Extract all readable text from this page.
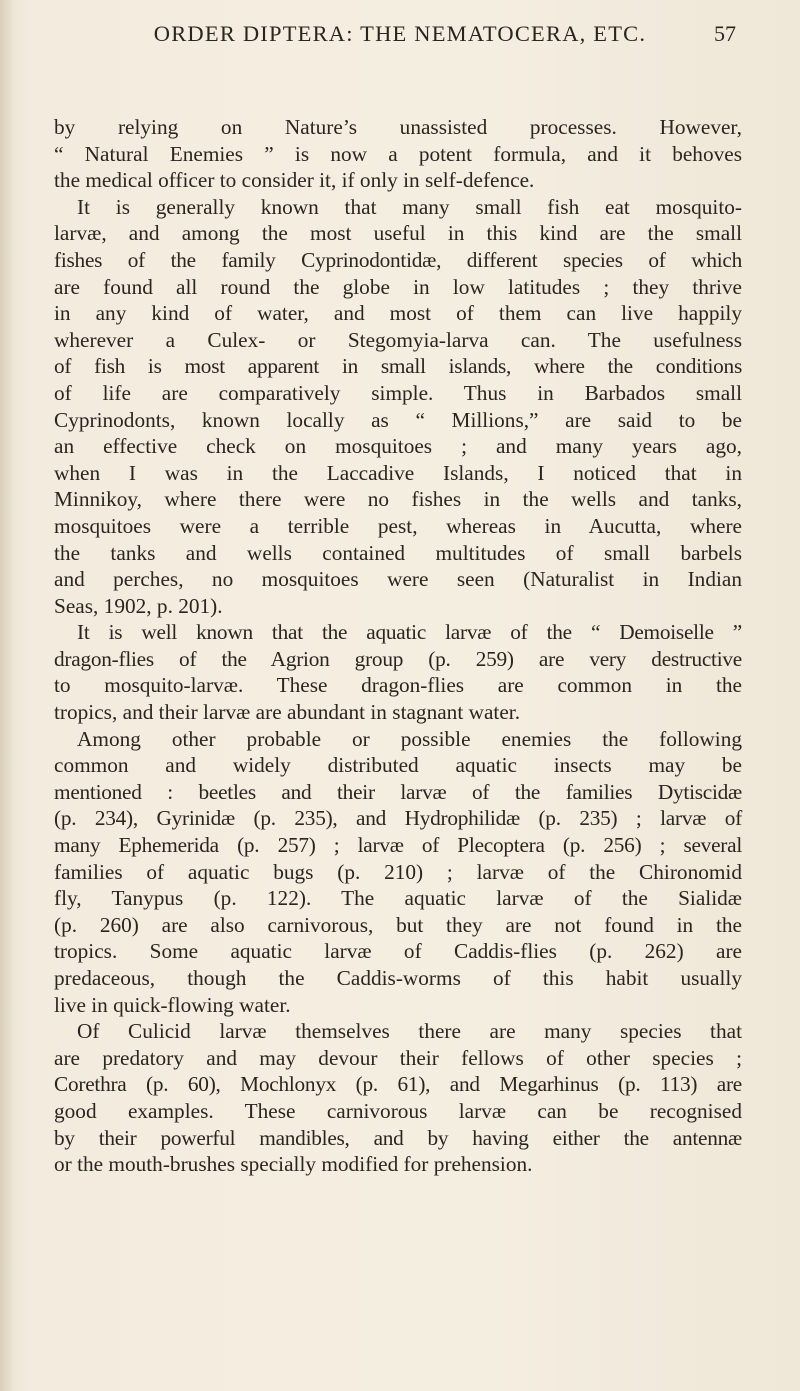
ORDER DIPTERA: THE NEMATOCERA, ETC.	57
by relying on Nature’s unassisted processes. However,
“ Natural Enemies ” is now a potent formula, and it behoves
the medical officer to consider it, if only in self-defence.
It is generally known that many small fish eat mosquito-
larvæ, and among the most useful in this kind are the small
fishes of the family Cyprinodontidæ, different species of which
are found all round the globe in low latitudes ; they thrive
in any kind of water, and most of them can live happily
wherever a Culex- or Stegomyia-larva can. The usefulness
of fish is most apparent in small islands, where the conditions
of life are comparatively simple. Thus in Barbados small
Cyprinodonts, known locally as “ Millions,” are said to be
an effective check on mosquitoes ; and many years ago,
when I was in the Laccadive Islands, I noticed that in
Minnikoy, where there were no fishes in the wells and tanks,
mosquitoes were a terrible pest, whereas in Aucutta, where
the tanks and wells contained multitudes of small barbels
and perches, no mosquitoes were seen (Naturalist in Indian
Seas, 1902, p. 201).
It is well known that the aquatic larvæ of the “ Demoiselle ”
dragon-flies of the Agrion group (p. 259) are very destructive
to mosquito-larvæ. These dragon-flies are common in the
tropics, and their larvæ are abundant in stagnant water.
Among other probable or possible enemies the following
common and widely distributed aquatic insects may be
mentioned : beetles and their larvæ of the families Dytiscidæ
(p. 234), Gyrinidæ (p. 235), and Hydrophilidæ (p. 235) ; larvæ of
many Ephemerida (p. 257) ; larvæ of Plecoptera (p. 256) ; several
families of aquatic bugs (p. 210) ; larvæ of the Chironomid
fly, Tanypus (p. 122). The aquatic larvæ of the Sialidæ
(p. 260) are also carnivorous, but they are not found in the
tropics. Some aquatic larvæ of Caddis-flies (p. 262) are
predaceous, though the Caddis-worms of this habit usually
live in quick-flowing water.
Of Culicid larvæ themselves there are many species that
are predatory and may devour their fellows of other species ;
Corethra (p. 60), Mochlonyx (p. 61), and Megarhinus (p. 113) are
good examples. These carnivorous larvæ can be recognised
by their powerful mandibles, and by having either the antennæ
or the mouth-brushes specially modified for prehension.
